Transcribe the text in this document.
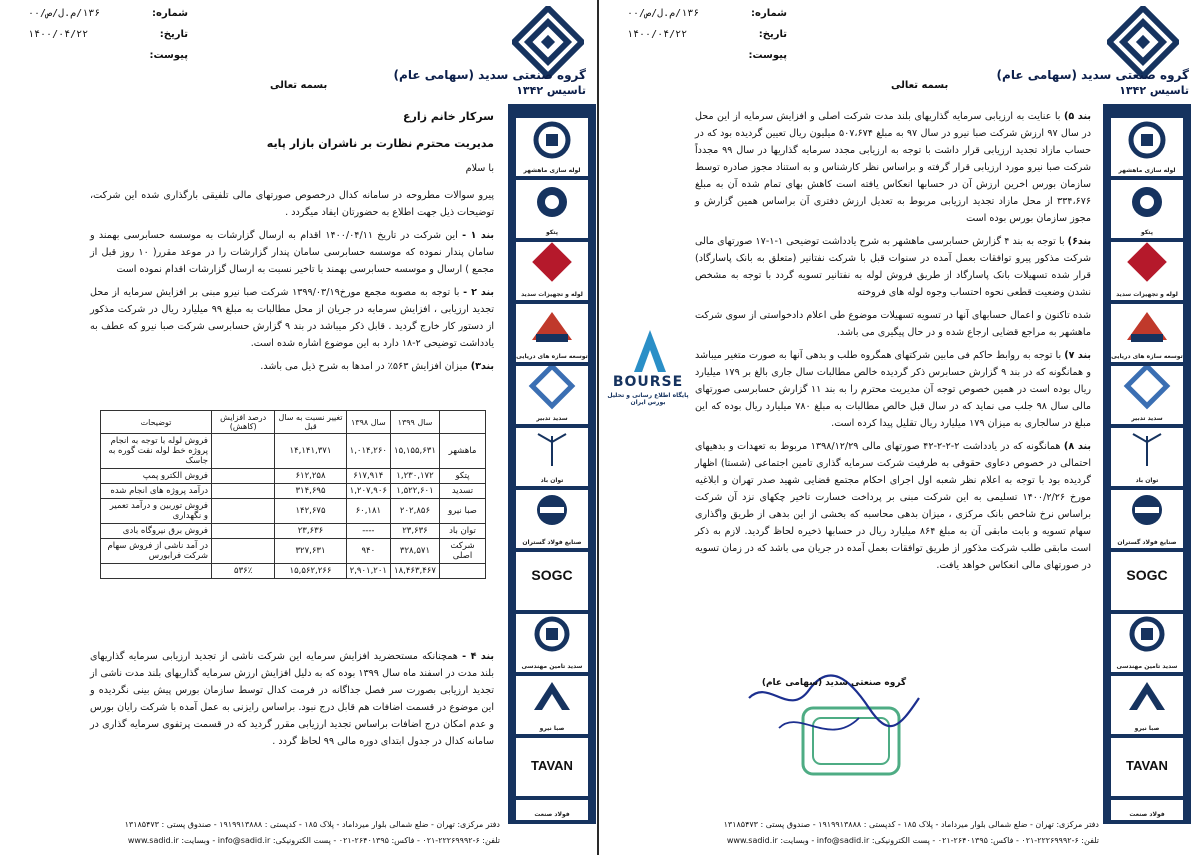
شماره:
۱۳۶/م.ل/ص/۰۰
تاریخ:
۱۴۰۰/۰۴/۲۲
پیوست:
بسمه تعالی
گروه صنعتی سدید (سهامی عام)
تاسیس ۱۳۴۲
لوله سازی ماهشهر
پتکو
لوله و تجهیزات سدید
توسعه سازه های دریایی
سدید تدبیر
توان باد
صنایع فولاد گستران
SOGC
سدید تامین مهندسی
صبا نیرو
TAVAN
فولاد صنعت

سرکار خانم زارع

مدیریت محترم نظارت بر ناشران بازار پایه

با سلام

پیرو سوالات مطروحه در سامانه کدال درخصوص صورتهای مالی تلفیقی بارگذاری شده این شرکت، توضیحات ذیل جهت اطلاع به حضورتان ایفاد میگردد .

بند ۱ - این شرکت در تاریخ ۱۴۰۰/۰۴/۱۱ اقدام به ارسال گزارشات به موسسه حسابرسی بهمند و سامان پندار نموده که موسسه حسابرسی سامان پندار گزارشات را در موعد مقرر( ۱۰ روز قبل از مجمع ) ارسال و موسسه حسابرسی بهمند با تاخیر نسبت به ارسال گزارشات اقدام نموده است

بند ۲ - با توجه به مصوبه مجمع مورخ۱۳۹۹/۰۳/۱۹ شرکت صبا نیرو مبنی بر افزایش سرمایه از محل تجدید ارزیابی ، افزایش سرمایه در جریان از محل مطالبات به مبلغ ۹۹ میلیارد ریال در شرکت مذکور از دستور کار خارج گردید . قابل ذکر میباشد در بند ۹ گزارش حسابرسی شرکت صبا نیرو که عطف به یادداشت توضیحی ۲-۱۸ دارد به این موضوع اشاره شده است.

بند۳) میزان افزایش ۵۶۳٪ در امدها به شرح ذیل می باشد.

	سال ۱۳۹۹	سال ۱۳۹۸	تغییر نسبت به سال قبل	درصد افزایش (کاهش)	توضیحات
ماهشهر	۱۵,۱۵۵,۶۳۱	۱,۰۱۴,۲۶۰	۱۴,۱۴۱,۳۷۱		فروش لوله با توجه به انجام پروژه خط لوله نفت گوره به جاسک
پتکو	۱,۲۳۰,۱۷۲	۶۱۷,۹۱۴	۶۱۲,۲۵۸		فروش الکترو پمپ
تسدید	۱,۵۲۲,۶۰۱	۱,۲۰۷,۹۰۶	۳۱۴,۶۹۵		درآمد پروژه های انجام شده
صبا نیرو	۲۰۲,۸۵۶	۶۰,۱۸۱	۱۴۲,۶۷۵		فروش توربین و درآمد تعمیر و نگهداری
توان باد	۲۳,۶۳۶	----	۲۳,۶۳۶		فروش برق نیروگاه بادی
شرکت اصلی	۳۲۸,۵۷۱	۹۴۰	۳۲۷,۶۳۱		در آمد ناشی از فروش سهام شرکت فرابورس
	۱۸,۴۶۳,۴۶۷	۲,۹۰۱,۲۰۱	۱۵,۵۶۲,۲۶۶	۵۳۶٪	

بند ۴ - همچنانکه مستحضرید افزایش سرمایه این شرکت ناشی از تجدید ارزیابی سرمایه گذاریهای بلند مدت در اسفند ماه سال ۱۳۹۹ بوده که به دلیل افزایش ارزش سرمایه گذاریهای بلند مدت ناشی از تجدید ارزیابی بصورت سر فصل جداگانه در فرمت کدال توسط سازمان بورس پیش بینی نگردیده و این موضوع در قسمت اضافات هم قابل درج نبود. براساس رایزنی به عمل آمده با شرکت رایان بورس و عدم امکان درج اضافات براساس تجدید ارزیابی مقرر گردید که در قسمت پرتفوی سرمایه گذاری در سامانه کدال در جدول ابتدای دوره مالی ۹۹ لحاظ گردد .

دفتر مرکزی: تهران - ضلع شمالی بلوار میرداماد - پلاک ۱۸۵ - کدپستی : ۱۹۱۹۹۱۳۸۸۸ - صندوق پستی : ۱۳۱۸۵۴۷۳
تلفن: ۶-۲۲۲۶۹۹۹۲-۰۲۱ - فاکس: ۲۶۴۰۱۳۹۵-۰۲۱ - پست الکترونیکی: info@sadid.ir - وبسایت: www.sadid.ir
شماره:
۱۳۶/م.ل/ص/۰۰
تاریخ:
۱۴۰۰/۰۴/۲۲
پیوست:
بسمه تعالی
گروه صنعتی سدید (سهامی عام)
تاسیس ۱۳۴۲
لوله سازی ماهشهر
پتکو
لوله و تجهیزات سدید
توسعه سازه های دریایی
سدید تدبیر
توان باد
صنایع فولاد گستران
SOGC
سدید تامین مهندسی
صبا نیرو
TAVAN
فولاد صنعت

بند ۵) با عنایت به ارزیابی سرمایه گذاریهای بلند مدت شرکت اصلی و افزایش سرمایه از این محل در سال ۹۷ ارزش شرکت صبا نیرو در سال ۹۷ به مبلغ ۵۰۷،۶۷۴ میلیون ریال تعیین گردیده بود که در حساب مازاد تجدید ارزیابی قرار داشت با توجه به ارزیابی مجدد سرمایه گذاریها در سال ۹۹ مجدداً شرکت صبا نیرو مورد ارزیابی قرار گرفته و براساس نظر کارشناس و به استناد مجوز صادره توسط سازمان بورس اخرین ارزش آن در حسابها انعکاس یافته است کاهش بهای تمام شده آن به مبلغ ۳۳۴،۶۷۶ از محل مازاد تجدید ارزیابی مربوط به تعدیل ارزش دفتری آن براساس همین گزارش و مجوز سازمان بورس بوده است

بند۶) با توجه به بند ۴ گزارش حسابرسی ماهشهر به شرح یادداشت توضیحی ۱-۱-۱۷ صورتهای مالی شرکت مذکور پیرو توافقات بعمل آمده در سنوات قبل با شرکت نفتانیر (متعلق به بانک پاسارگاد) قرار شده تسهیلات بانک پاسارگاد از طریق فروش لوله به نفتانیر تسویه گردد با توجه به مشخص نشدن وضعیت قطعی نحوه احتساب وجوه لوله های فروخته

شده تاکنون و اعمال حسابهای آنها در تسویه تسهیلات موضوع طی اعلام دادخواستی از سوی شرکت ماهشهر به مراجع قضایی ارجاع شده و در حال پیگیری می باشد.

بند ۷) با توجه به روابط حاکم فی مابین شرکتهای همگروه طلب و بدهی آنها به صورت متغیر میباشد و همانگونه که در بند ۹ گزارش حسابرس ذکر گردیده خالص مطالبات سال جاری بالغ بر ۱۷۹ میلیارد ریال بوده است در همین خصوص توجه آن مدیریت محترم را به بند ۱۱ گزارش حسابرسی صورتهای مالی سال ۹۸ جلب می نماید که در سال قبل خالص مطالبات به مبلغ ۷۸۰ میلیارد ریال بوده که این مبلغ در سالجاری به میزان ۱۷۹ میلیارد ریال تقلیل پیدا کرده است.

بند ۸) همانگونه که در یادداشت ۲-۲-۲-۴۲ صورتهای مالی ۱۳۹۸/۱۲/۲۹ مربوط به تعهدات و بدهیهای احتمالی در خصوص دعاوی حقوقی به طرفیت شرکت سرمایه گذاری تامین اجتماعی (شستا) اظهار گردیده بود با توجه به اعلام نظر شعبه اول اجرای احکام مجتمع قضایی شهید صدر تهران و ابلاغیه مورخ ۱۴۰۰/۲/۲۶ تسلیمی به این شرکت مبنی بر پرداخت خسارت تاخیر چکهای نزد آن شرکت براساس نرخ شاخص بانک مرکزی ، میزان بدهی محاسبه که بخشی از این بدهی از طریق واگذاری سهام تسویه و بابت مابقی آن به مبلغ ۸۶۴ میلیارد ریال در حسابها ذخیره لحاظ گردید. لازم به ذکر است مابقی طلب شرکت مذکور از طریق توافقات بعمل آمده در جریان می باشد که در زمان تسویه در صورتهای مالی انعکاس خواهد یافت.

گروه صنعتی سدید (سهامی عام)
دفتر مرکزی: تهران - ضلع شمالی بلوار میرداماد - پلاک ۱۸۵ - کدپستی : ۱۹۱۹۹۱۳۸۸۸ - صندوق پستی : ۱۳۱۸۵۴۷۳
تلفن: ۶-۲۲۲۶۹۹۹۲-۰۲۱ - فاکس: ۲۶۴۰۱۳۹۵-۰۲۱ - پست الکترونیکی: info@sadid.ir - وبسایت: www.sadid.ir
BOURSE
پایگاه اطلاع رسانی و تحلیل بورس ایران
